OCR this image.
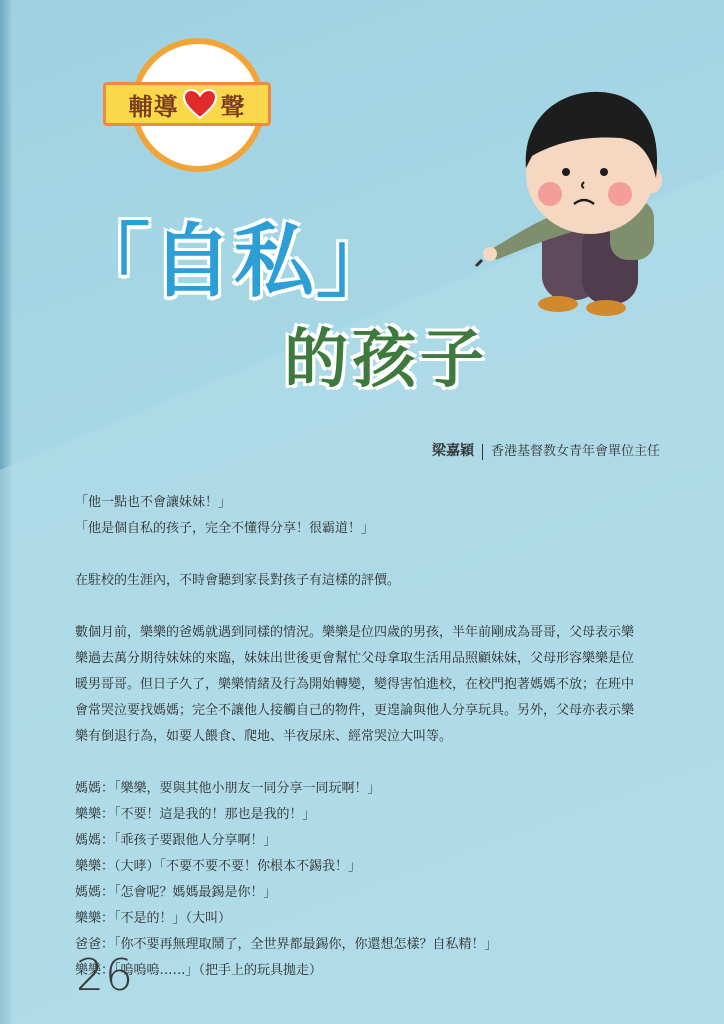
輔導 聲
「自私」
的孩子
梁嘉穎 香港基督教女青年會單位主任

「他一點也不會讓妹妹！」

「他是個自私的孩子，完全不懂得分享！很霸道！」

在駐校的生涯內，不時會聽到家長對孩子有這樣的評價。

數個月前，樂樂的爸媽就遇到同樣的情況。樂樂是位四歲的男孩，半年前剛成為哥哥，父母表示樂

樂過去萬分期待妹妹的來臨，妹妹出世後更會幫忙父母拿取生活用品照顧妹妹，父母形容樂樂是位

暖男哥哥。但日子久了，樂樂情緒及行為開始轉變，變得害怕進校，在校門抱著媽媽不放；在班中

會常哭泣要找媽媽；完全不讓他人接觸自己的物件，更遑論與他人分享玩具。另外，父母亦表示樂

樂有倒退行為，如要人餵食、爬地、半夜尿床、經常哭泣大叫等。

媽媽：「樂樂，要與其他小朋友一同分享一同玩啊！」

樂樂：「不要！這是我的！那也是我的！」

媽媽：「乖孩子要跟他人分享啊！」

樂樂：（大哮）「不要不要不要！你根本不錫我！」

媽媽：「怎會呢？媽媽最錫是你！」

樂樂：「不是的！」（大叫）

爸爸：「你不要再無理取鬧了，全世界都最錫你，你還想怎樣？自私精！」

樂樂：「嗚嗚嗚……」（把手上的玩具拋走）

26
